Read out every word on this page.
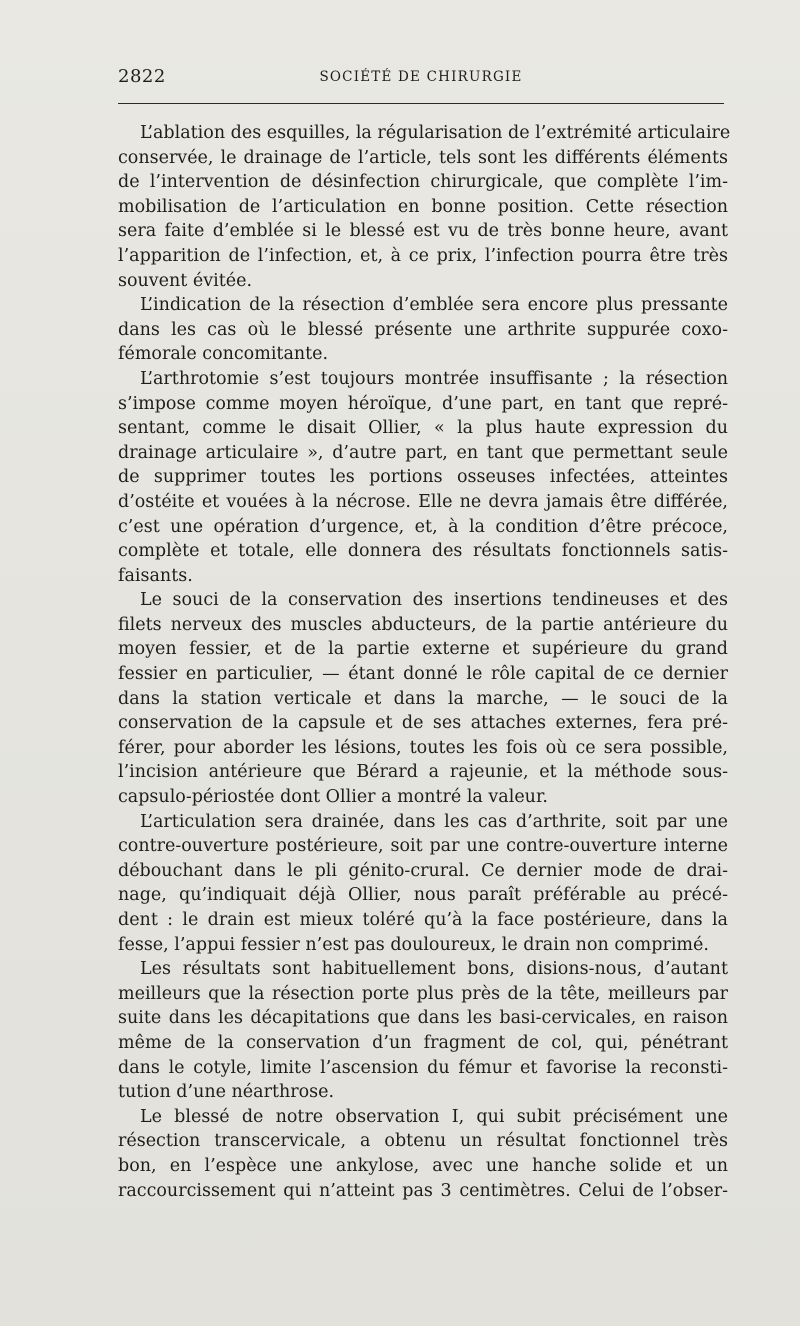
2822	SOCIÉTÉ DE CHIRURGIE
L’ablation des esquilles, la régularisation de l’extrémité articulaire
conservée, le drainage de l’article, tels sont les différents éléments
de l’intervention de désinfection chirurgicale, que complète l’im-
mobilisation de l’articulation en bonne position. Cette résection
sera faite d’emblée si le blessé est vu de très bonne heure, avant
l’apparition de l’infection, et, à ce prix, l’infection pourra être très
souvent évitée.
L’indication de la résection d’emblée sera encore plus pressante
dans les cas où le blessé présente une arthrite suppurée coxo-
fémorale concomitante.
L’arthrotomie s’est toujours montrée insuffisante ; la résection
s’impose comme moyen héroïque, d’une part, en tant que repré-
sentant, comme le disait Ollier, « la plus haute expression du
drainage articulaire », d’autre part, en tant que permettant seule
de supprimer toutes les portions osseuses infectées, atteintes
d’ostéite et vouées à la nécrose. Elle ne devra jamais être différée,
c’est une opération d’urgence, et, à la condition d’être précoce,
complète et totale, elle donnera des résultats fonctionnels satis-
faisants.
Le souci de la conservation des insertions tendineuses et des
filets nerveux des muscles abducteurs, de la partie antérieure du
moyen fessier, et de la partie externe et supérieure du grand
fessier en particulier, — étant donné le rôle capital de ce dernier
dans la station verticale et dans la marche, — le souci de la
conservation de la capsule et de ses attaches externes, fera pré-
férer, pour aborder les lésions, toutes les fois où ce sera possible,
l’incision antérieure que Bérard a rajeunie, et la méthode sous-
capsulo-périostée dont Ollier a montré la valeur.
L’articulation sera drainée, dans les cas d’arthrite, soit par une
contre-ouverture postérieure, soit par une contre-ouverture interne
débouchant dans le pli génito-crural. Ce dernier mode de drai-
nage, qu’indiquait déjà Ollier, nous paraît préférable au précé-
dent : le drain est mieux toléré qu’à la face postérieure, dans la
fesse, l’appui fessier n’est pas douloureux, le drain non comprimé.
Les résultats sont habituellement bons, disions-nous, d’autant
meilleurs que la résection porte plus près de la tête, meilleurs par
suite dans les décapitations que dans les basi-cervicales, en raison
même de la conservation d’un fragment de col, qui, pénétrant
dans le cotyle, limite l’ascension du fémur et favorise la reconsti-
tution d’une néarthrose.
Le blessé de notre observation I, qui subit précisément une
résection transcervicale, a obtenu un résultat fonctionnel très
bon, en l’espèce une ankylose, avec une hanche solide et un
raccourcissement qui n’atteint pas 3 centimètres. Celui de l’obser-
